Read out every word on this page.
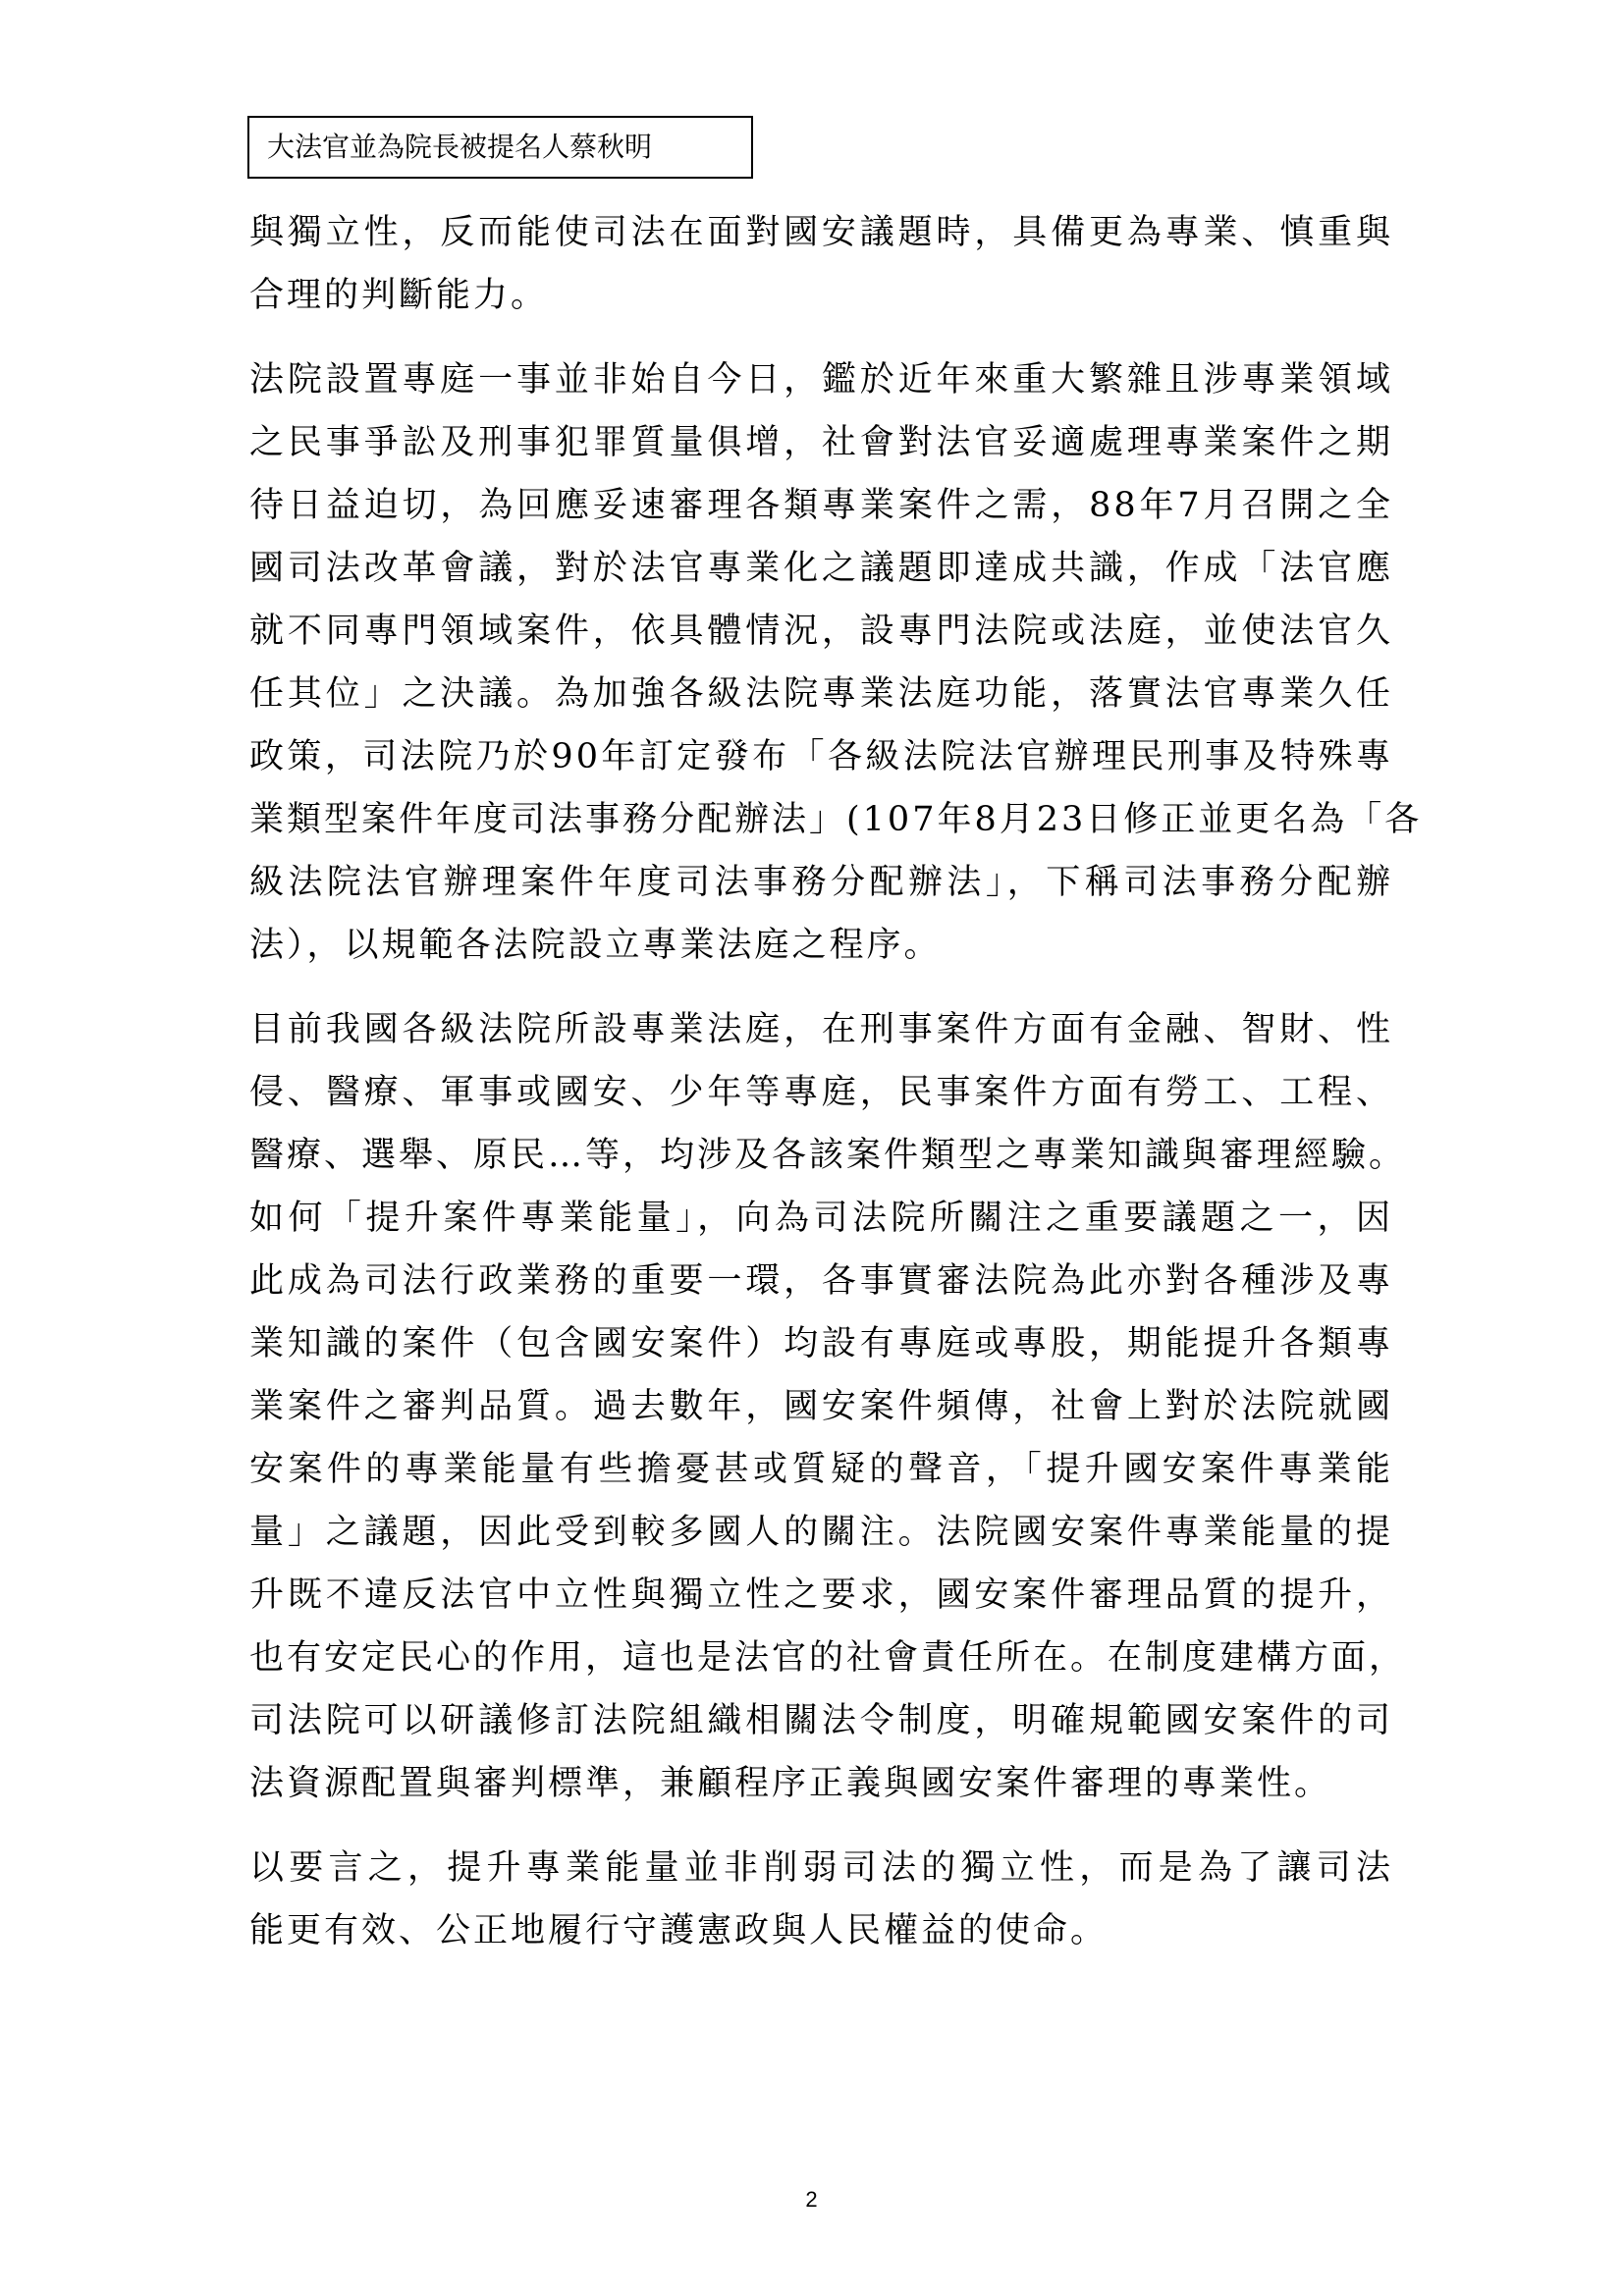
大法官並為院長被提名人蔡秋明
與獨立性，反而能使司法在面對國安議題時，具備更為專業、慎重與
合理的判斷能力。
法院設置專庭一事並非始自今日，鑑於近年來重大繁雜且涉專業領域
之民事爭訟及刑事犯罪質量俱增，社會對法官妥適處理專業案件之期
待日益迫切，為回應妥速審理各類專業案件之需，88年7月召開之全
國司法改革會議，對於法官專業化之議題即達成共識，作成「法官應
就不同專門領域案件，依具體情況，設專門法院或法庭，並使法官久
任其位」之決議。為加強各級法院專業法庭功能，落實法官專業久任
政策，司法院乃於90年訂定發布「各級法院法官辦理民刑事及特殊專
業類型案件年度司法事務分配辦法」(107年8月23日修正並更名為「各
級法院法官辦理案件年度司法事務分配辦法」，下稱司法事務分配辦
法），以規範各法院設立專業法庭之程序。
目前我國各級法院所設專業法庭，在刑事案件方面有金融、智財、性
侵、醫療、軍事或國安、少年等專庭，民事案件方面有勞工、工程、
醫療、選舉、原民…等，均涉及各該案件類型之專業知識與審理經驗。
如何「提升案件專業能量」，向為司法院所關注之重要議題之一，因
此成為司法行政業務的重要一環，各事實審法院為此亦對各種涉及專
業知識的案件（包含國安案件）均設有專庭或專股，期能提升各類專
業案件之審判品質。過去數年，國安案件頻傳，社會上對於法院就國
安案件的專業能量有些擔憂甚或質疑的聲音，「提升國安案件專業能
量」之議題，因此受到較多國人的關注。法院國安案件專業能量的提
升既不違反法官中立性與獨立性之要求，國安案件審理品質的提升，
也有安定民心的作用，這也是法官的社會責任所在。在制度建構方面，
司法院可以研議修訂法院組織相關法令制度，明確規範國安案件的司
法資源配置與審判標準，兼顧程序正義與國安案件審理的專業性。
以要言之，提升專業能量並非削弱司法的獨立性，而是為了讓司法
能更有效、公正地履行守護憲政與人民權益的使命。
2
